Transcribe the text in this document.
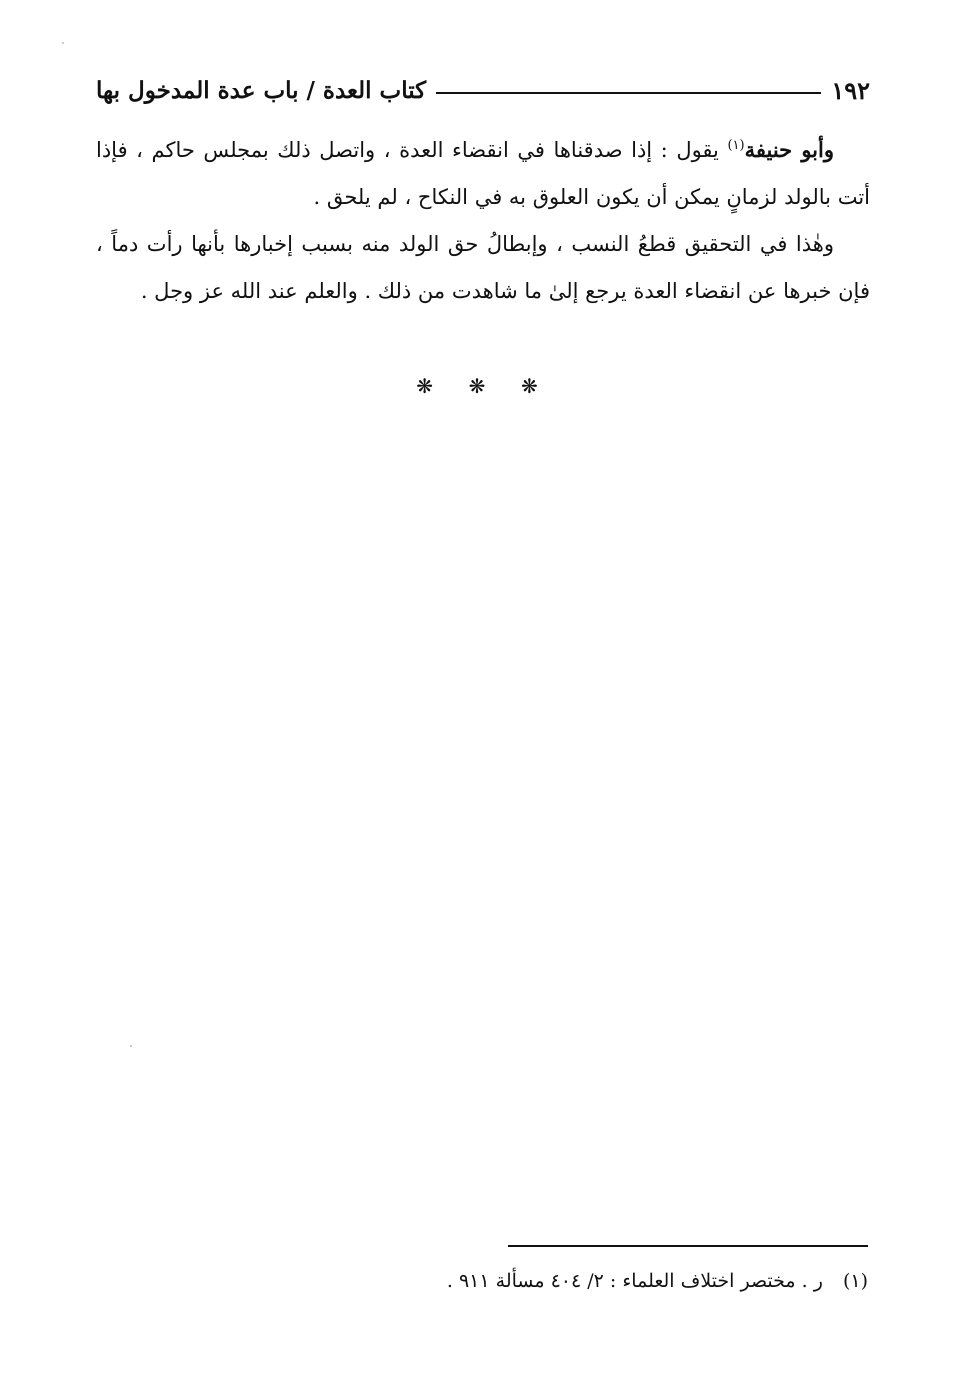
١٩٢
كتاب العدة / باب عدة المدخول بها

وأبو حنيفة$^{(١)}$ يقول : إذا صدقناها في انقضاء العدة ، واتصل ذلك بمجلس حاكم ، فإذا أتت بالولد لزمانٍ يمكن أن يكون العلوق به في النكاح ، لم يلحق .

وهٰذا في التحقيق قطعُ النسب ، وإبطالُ حق الولد منه بسبب إخبارها بأنها رأت دماً ، فإن خبرها عن انقضاء العدة يرجع إلىٰ ما شاهدت من ذلك . والعلم عند الله عز وجل .

❋ ❋ ❋
(١) ر . مختصر اختلاف العلماء : ٢/ ٤٠٤ مسألة ٩١١ .
